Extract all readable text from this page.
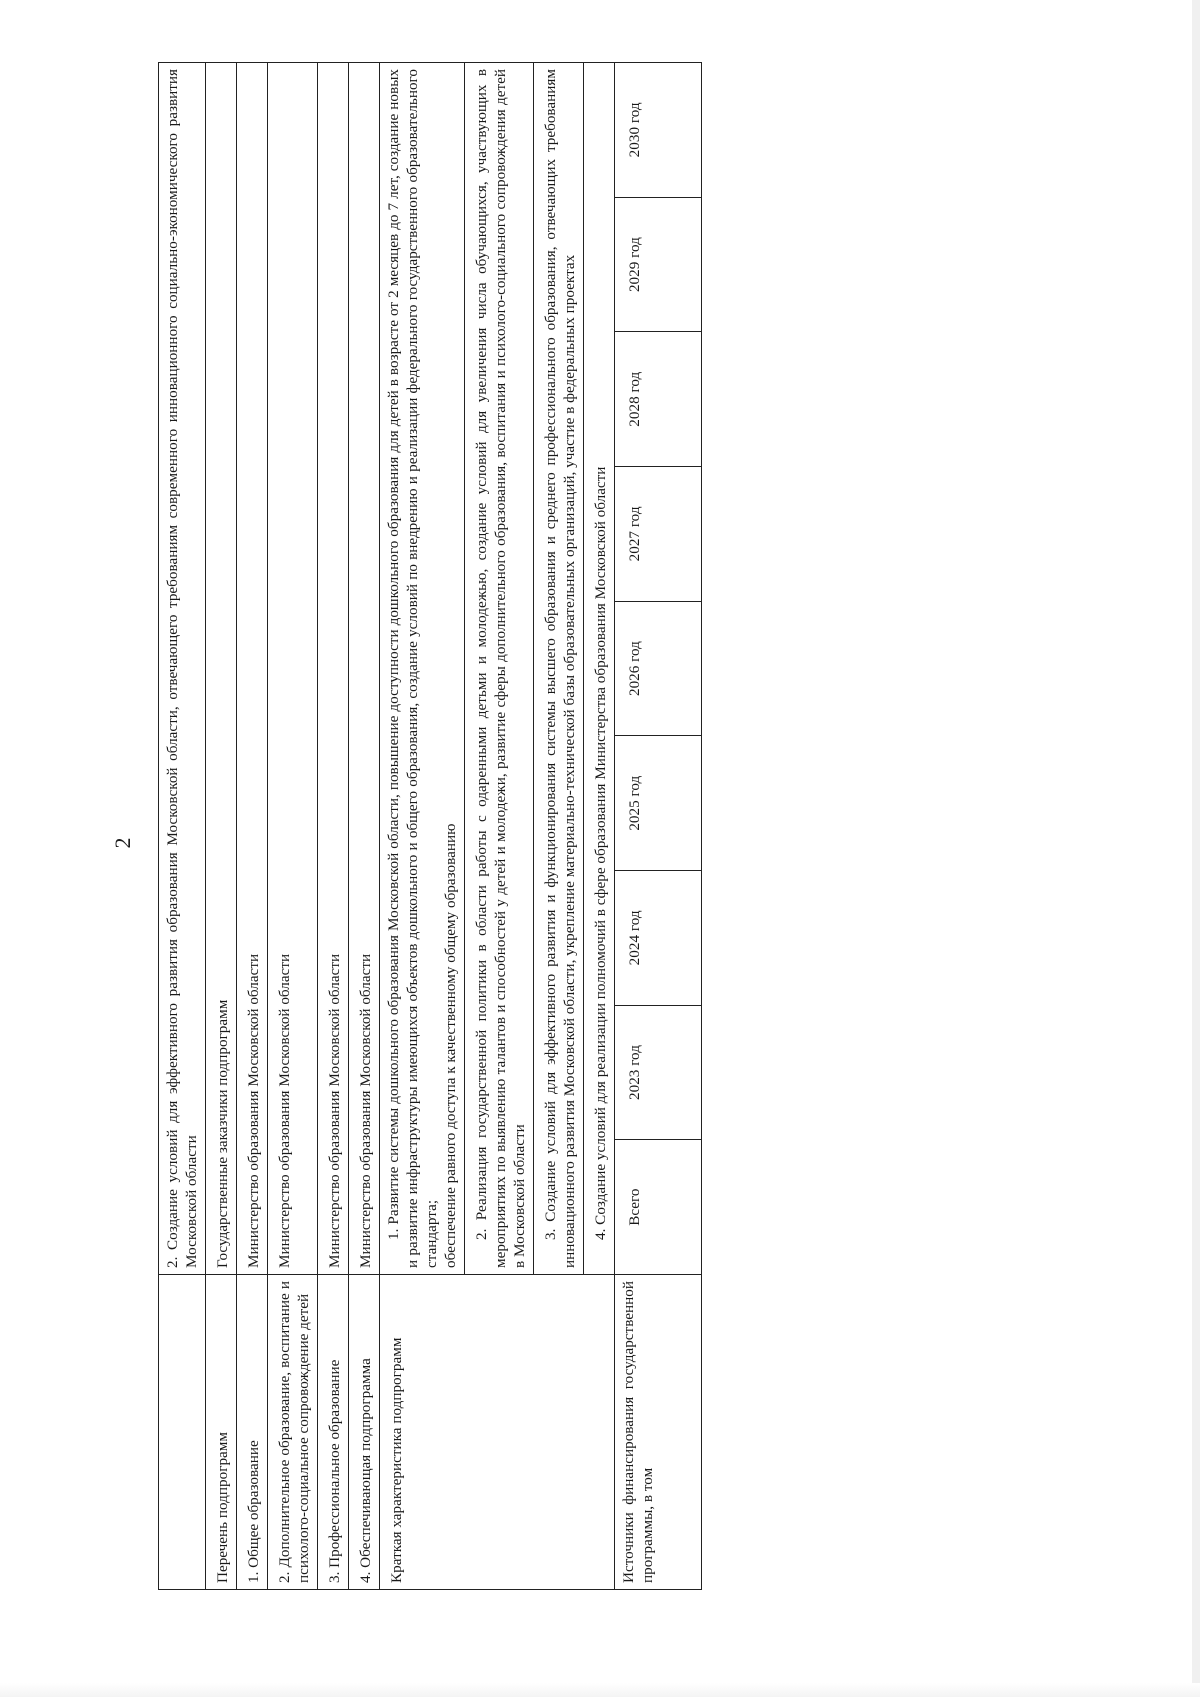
2
	2. Создание условий для эффективного развития образования Московской области, отвечающего требованиям современного инновационного социально-экономического развития Московской области								
Перечень подпрограмм	Государственные заказчики подпрограмм								
1. Общее образование	Министерство образования Московской области								
2. Дополнительное образование, воспитание и психолого-социальное сопровождение детей	Министерство образования Московской области								
3. Профессиональное образование	Министерство образования Московской области								
4. Обеспечивающая подпрограмма	Министерство образования Московской области								
Краткая характеристика подпрограмм	1. Развитие системы дошкольного образования Московской области, повышение доступности дошкольного образования для детей в возрасте от 2 месяцев до 7 лет, создание новых и развитие инфраструктуры имеющихся объектов дошкольного и общего образования, создание условий по внедрению и реализации федерального государственного образовательного стандарта; обеспечение равного доступа к качественному общему образованию								

	2. Реализация государственной политики в области работы с одаренными детьми и молодежью, создание условий для увеличения числа обучающихся, участвующих в мероприятиях по выявлению талантов и способностей у детей и молодежи, развитие сферы дополнительного образования, воспитания и психолого-социального сопровождения детей в Московской области								

	3. Создание условий для эффективного развития и функционирования системы высшего образования и среднего профессионального образования, отвечающих требованиям инновационного развития Московской области, укрепление материально-технической базы образовательных организаций, участие в федеральных проектах								

	4. Создание условий для реализации полномочий в сфере образования Министерства образования Московской области								

Источники финансирования государственной программы, в том	Всего	2023 год	2024 год	2025 год	2026 год	2027 год	2028 год	2029 год	2030 год
